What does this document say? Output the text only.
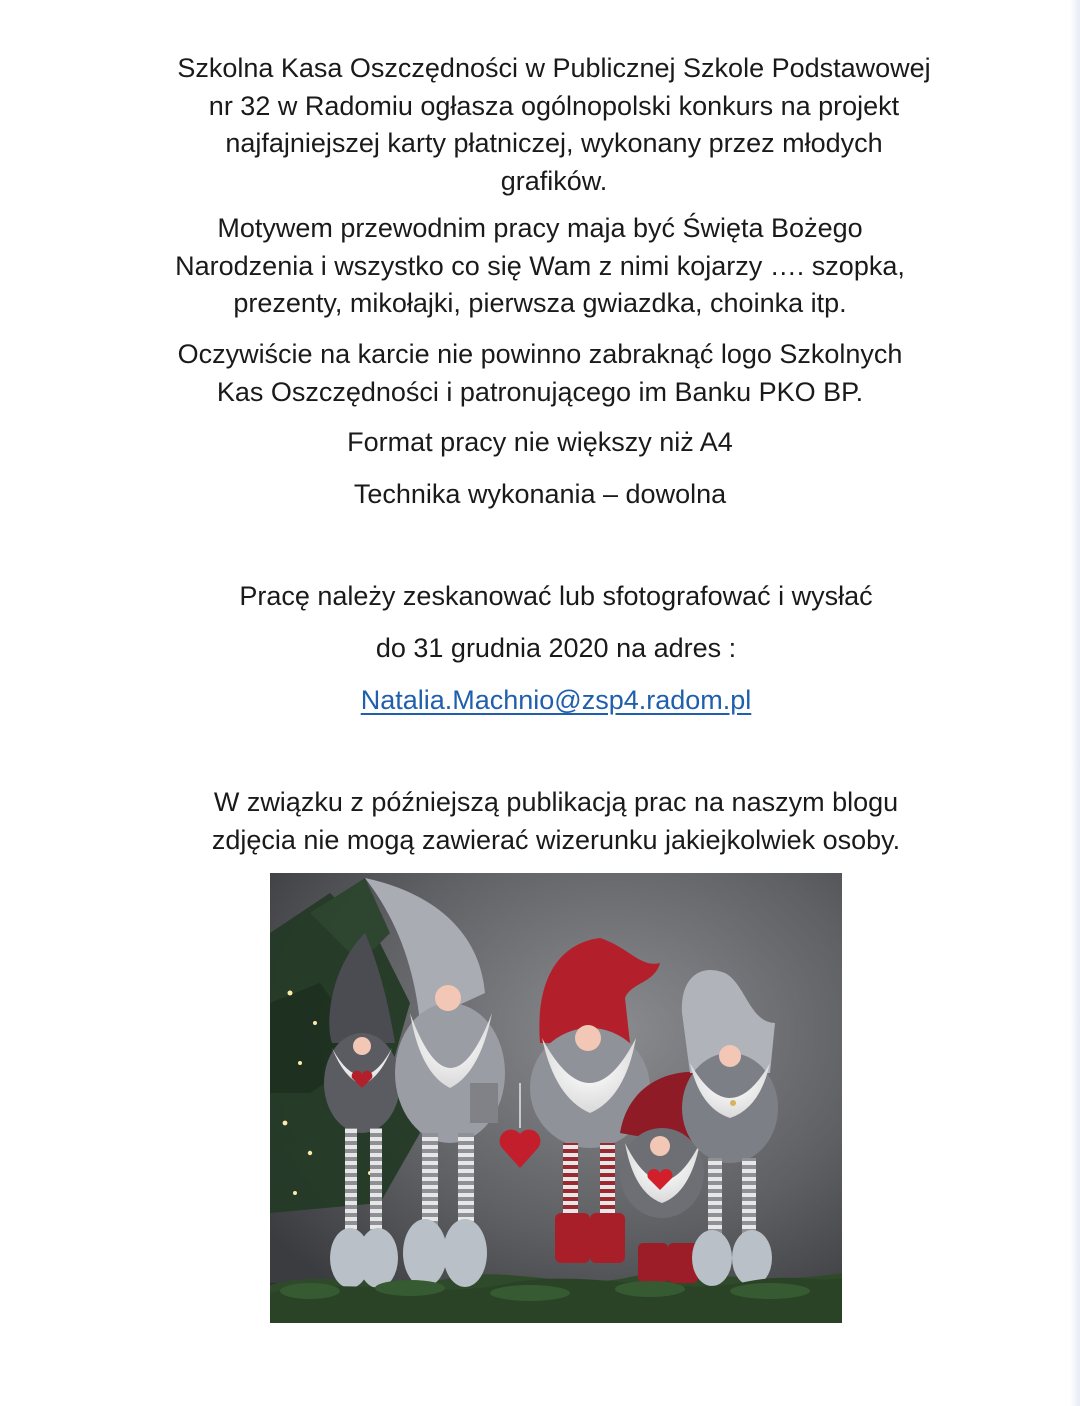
Szkolna Kasa Oszczędności w Publicznej Szkole Podstawowej
nr 32 w Radomiu ogłasza ogólnopolski konkurs na projekt
najfajniejszej karty płatniczej, wykonany przez młodych
grafików.

Motywem przewodnim pracy maja być Święta Bożego
Narodzenia i wszystko co się Wam z nimi kojarzy …. szopka,
prezenty, mikołajki, pierwsza gwiazdka, choinka itp.

Oczywiście na karcie nie powinno zabraknąć logo Szkolnych
Kas Oszczędności i patronującego im Banku PKO BP.

Format pracy nie większy niż A4

Technika wykonania – dowolna

Pracę należy zeskanować lub sfotografować i wysłać

do 31 grudnia 2020 na adres :

Natalia.Machnio@zsp4.radom.pl

W związku z późniejszą publikacją prac na naszym blogu
zdjęcia nie mogą zawierać wizerunku jakiejkolwiek osoby.
